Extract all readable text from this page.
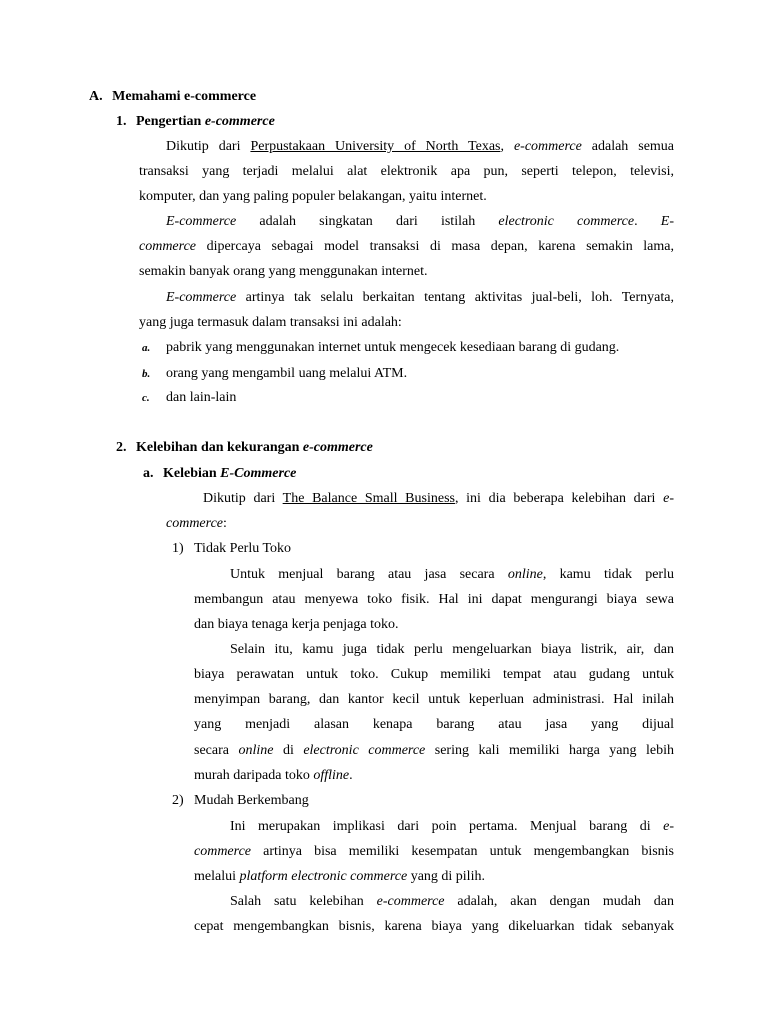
A. Memahami e-commerce
1. Pengertian e-commerce
Dikutip dari Perpustakaan University of North Texas, e-commerce adalah semua
transaksi yang terjadi melalui alat elektronik apa pun, seperti telepon, televisi,
komputer, dan yang paling populer belakangan, yaitu internet.
E-commerce adalah singkatan dari istilah electronic commerce. E-
commerce dipercaya sebagai model transaksi di masa depan, karena semakin lama,
semakin banyak orang yang menggunakan internet.
E-commerce artinya tak selalu berkaitan tentang aktivitas jual-beli, loh. Ternyata,
yang juga termasuk dalam transaksi ini adalah:
a. pabrik yang menggunakan internet untuk mengecek kesediaan barang di gudang.
b. orang yang mengambil uang melalui ATM.
c. dan lain-lain
2. Kelebihan dan kekurangan e-commerce
a. Kelebian E-Commerce
Dikutip dari The Balance Small Business, ini dia beberapa kelebihan dari e-
commerce:
1) Tidak Perlu Toko
Untuk menjual barang atau jasa secara online, kamu tidak perlu
membangun atau menyewa toko fisik. Hal ini dapat mengurangi biaya sewa
dan biaya tenaga kerja penjaga toko.
Selain itu, kamu juga tidak perlu mengeluarkan biaya listrik, air, dan
biaya perawatan untuk toko. Cukup memiliki tempat atau gudang untuk
menyimpan barang, dan kantor kecil untuk keperluan administrasi. Hal inilah
yang menjadi alasan kenapa barang atau jasa yang dijual
secara online di electronic commerce sering kali memiliki harga yang lebih
murah daripada toko offline.
2) Mudah Berkembang
Ini merupakan implikasi dari poin pertama. Menjual barang di e-
commerce artinya bisa memiliki kesempatan untuk mengembangkan bisnis
melalui platform electronic commerce yang di pilih.
Salah satu kelebihan e-commerce adalah, akan dengan mudah dan
cepat mengembangkan bisnis, karena biaya yang dikeluarkan tidak sebanyak
